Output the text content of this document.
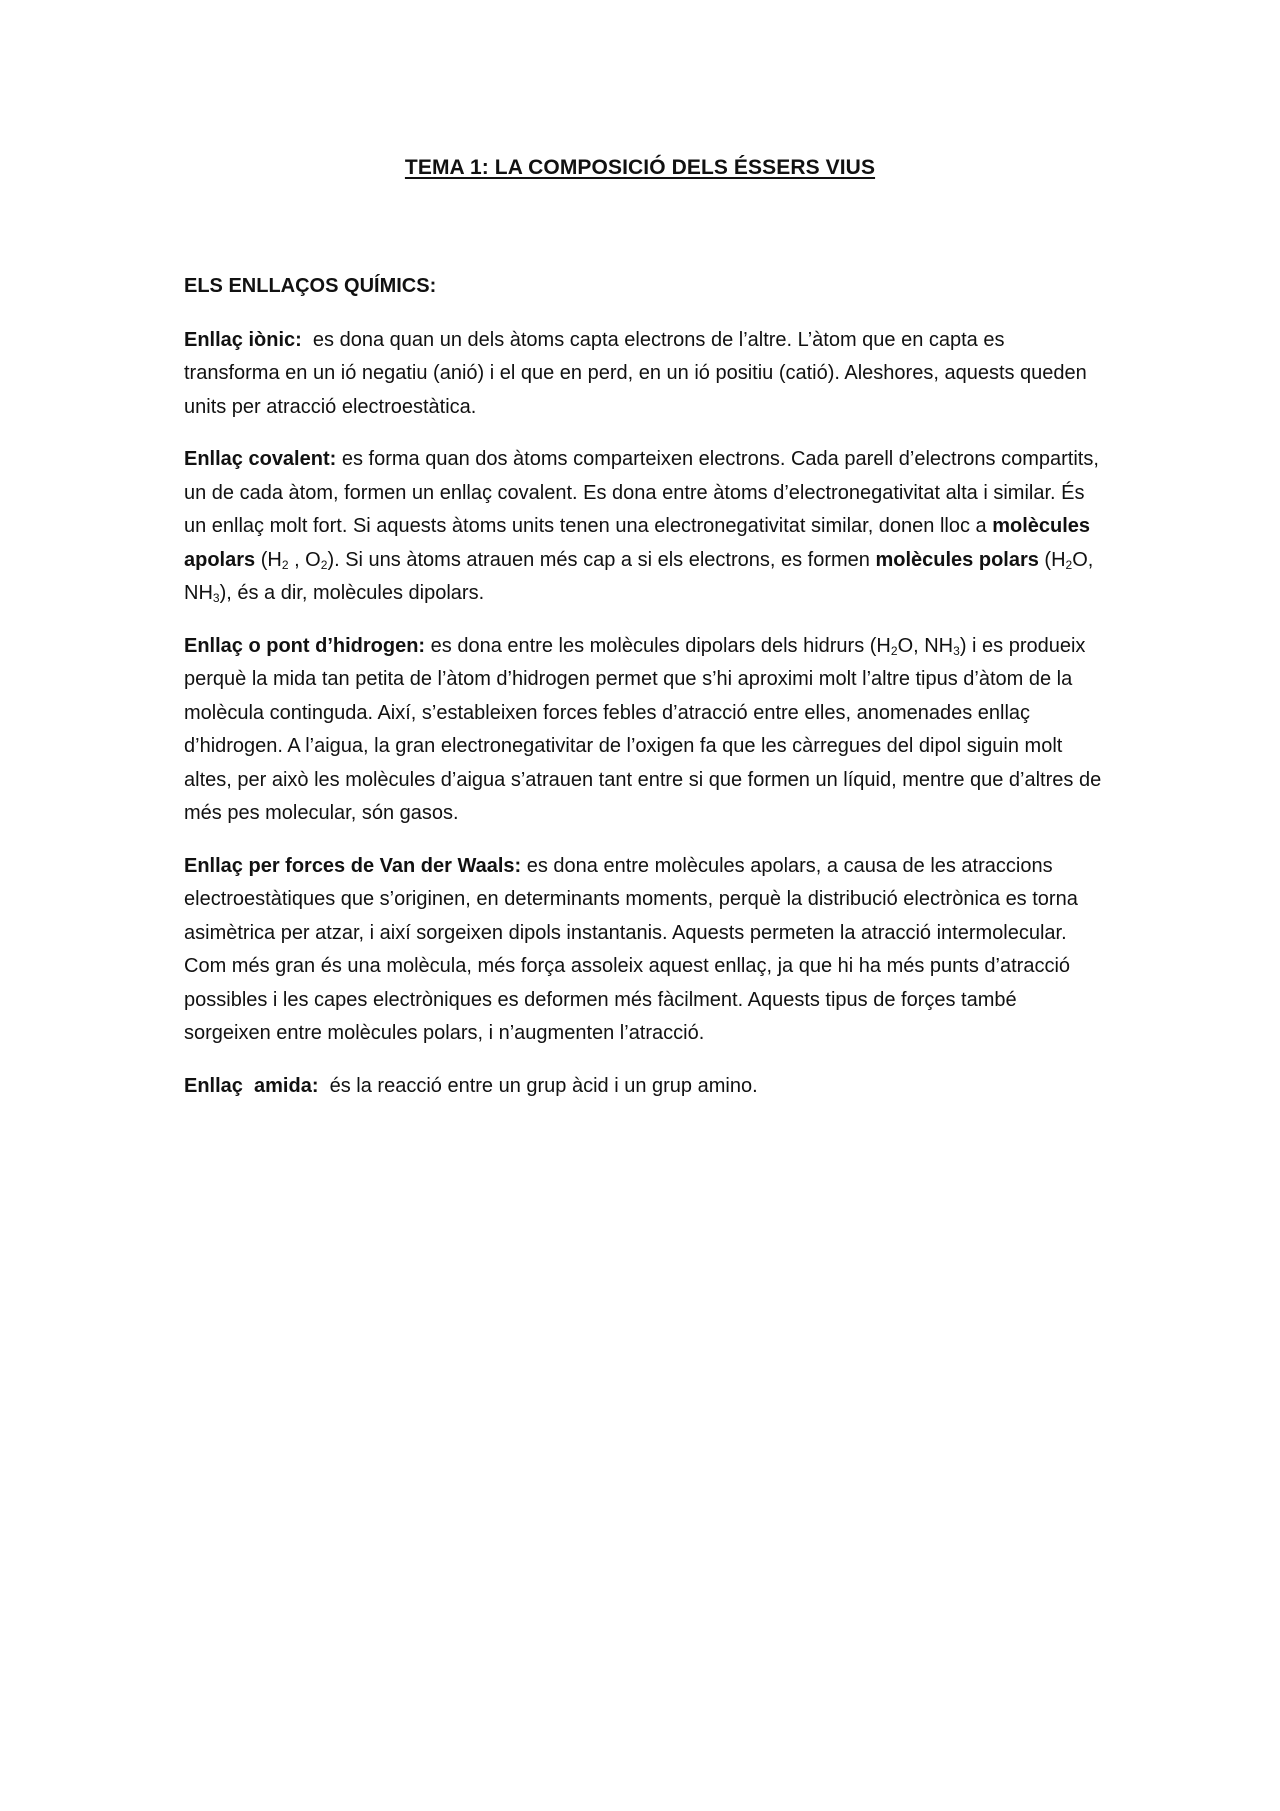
TEMA 1: LA COMPOSICIÓ DELS ÉSSERS VIUS

ELS ENLLAÇOS QUÍMICS:

Enllaç iònic:  es dona quan un dels àtoms capta electrons de l’altre. L’àtom que en capta es transforma en un ió negatiu (anió) i el que en perd, en un ió positiu (catió). Aleshores, aquests queden units per atracció electroestàtica.

Enllaç covalent: es forma quan dos àtoms comparteixen electrons. Cada parell d’electrons compartits, un de cada àtom, formen un enllaç covalent. Es dona entre àtoms d’electronegativitat alta i similar. És un enllaç molt fort. Si aquests àtoms units tenen una electronegativitat similar, donen lloc a molècules apolars ($H_2$ , $O_2$). Si uns àtoms atrauen més cap a si els electrons, es formen molècules polars ($H_2O$, $NH_3$), és a dir, molècules dipolars.

Enllaç o pont d’hidrogen: es dona entre les molècules dipolars dels hidrurs ($H_2O$, $NH_3$) i es produeix perquè la mida tan petita de l’àtom d’hidrogen permet que s’hi aproximi molt l’altre tipus d’àtom de la molècula continguda. Així, s’estableixen forces febles d’atracció entre elles, anomenades enllaç d’hidrogen. A l’aigua, la gran electronegativitar de l’oxigen fa que les càrregues del dipol siguin molt altes, per això les molècules d’aigua s’atrauen tant entre si que formen un líquid, mentre que d’altres de més pes molecular, són gasos.

Enllaç per forces de Van der Waals: es dona entre molècules apolars, a causa de les atraccions electroestàtiques que s’originen, en determinants moments, perquè la distribució electrònica es torna asimètrica per atzar, i així sorgeixen dipols instantanis. Aquests permeten la atracció intermolecular. Com més gran és una molècula, més força assoleix aquest enllaç, ja que hi ha més punts d’atracció possibles i les capes electròniques es deformen més fàcilment. Aquests tipus de forçes també sorgeixen entre molècules polars, i n’augmenten l’atracció.

Enllaç  amida:  és la reacció entre un grup àcid i un grup amino.
